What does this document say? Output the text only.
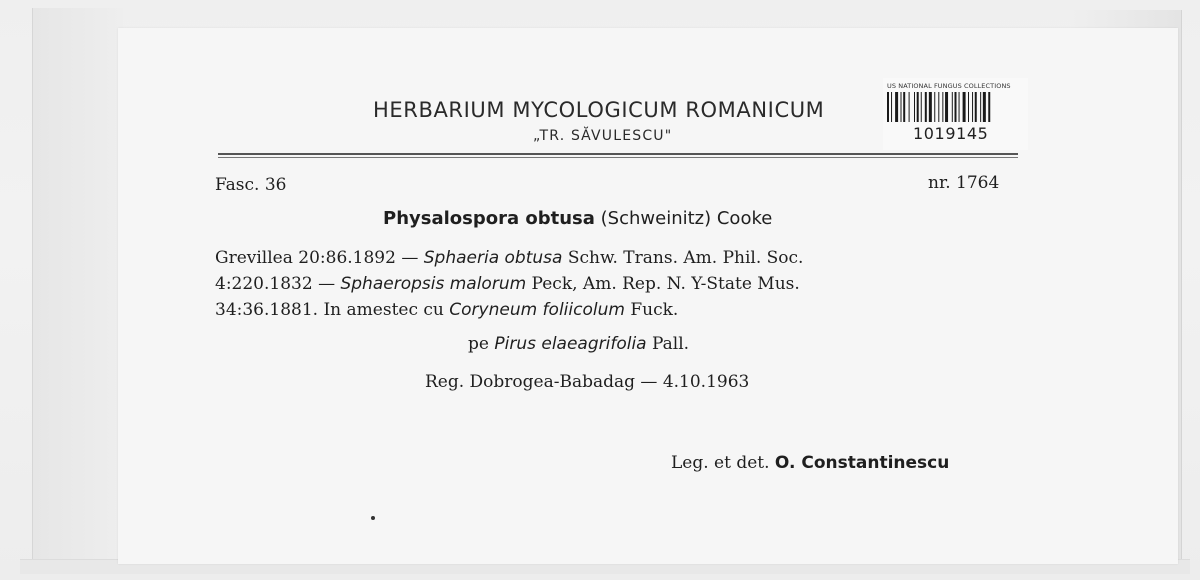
HERBARIUM MYCOLOGICUM ROMANICUM
„TR. SĂVULESCU"
US NATIONAL FUNGUS COLLECTIONS
1019145
Fasc. 36	nr. 1764
Physalospora obtusa (Schweinitz) Cooke
Grevillea 20:86.1892 — Sphaeria obtusa Schw. Trans. Am. Phil. Soc.
4:220.1832 — Sphaeropsis malorum Peck, Am. Rep. N. Y-State Mus.
34:36.1881. In amestec cu Coryneum foliicolum Fuck.
pe Pirus elaeagrifolia Pall.
Reg. Dobrogea-Babadag — 4.10.1963
Leg. et det. O. Constantinescu
